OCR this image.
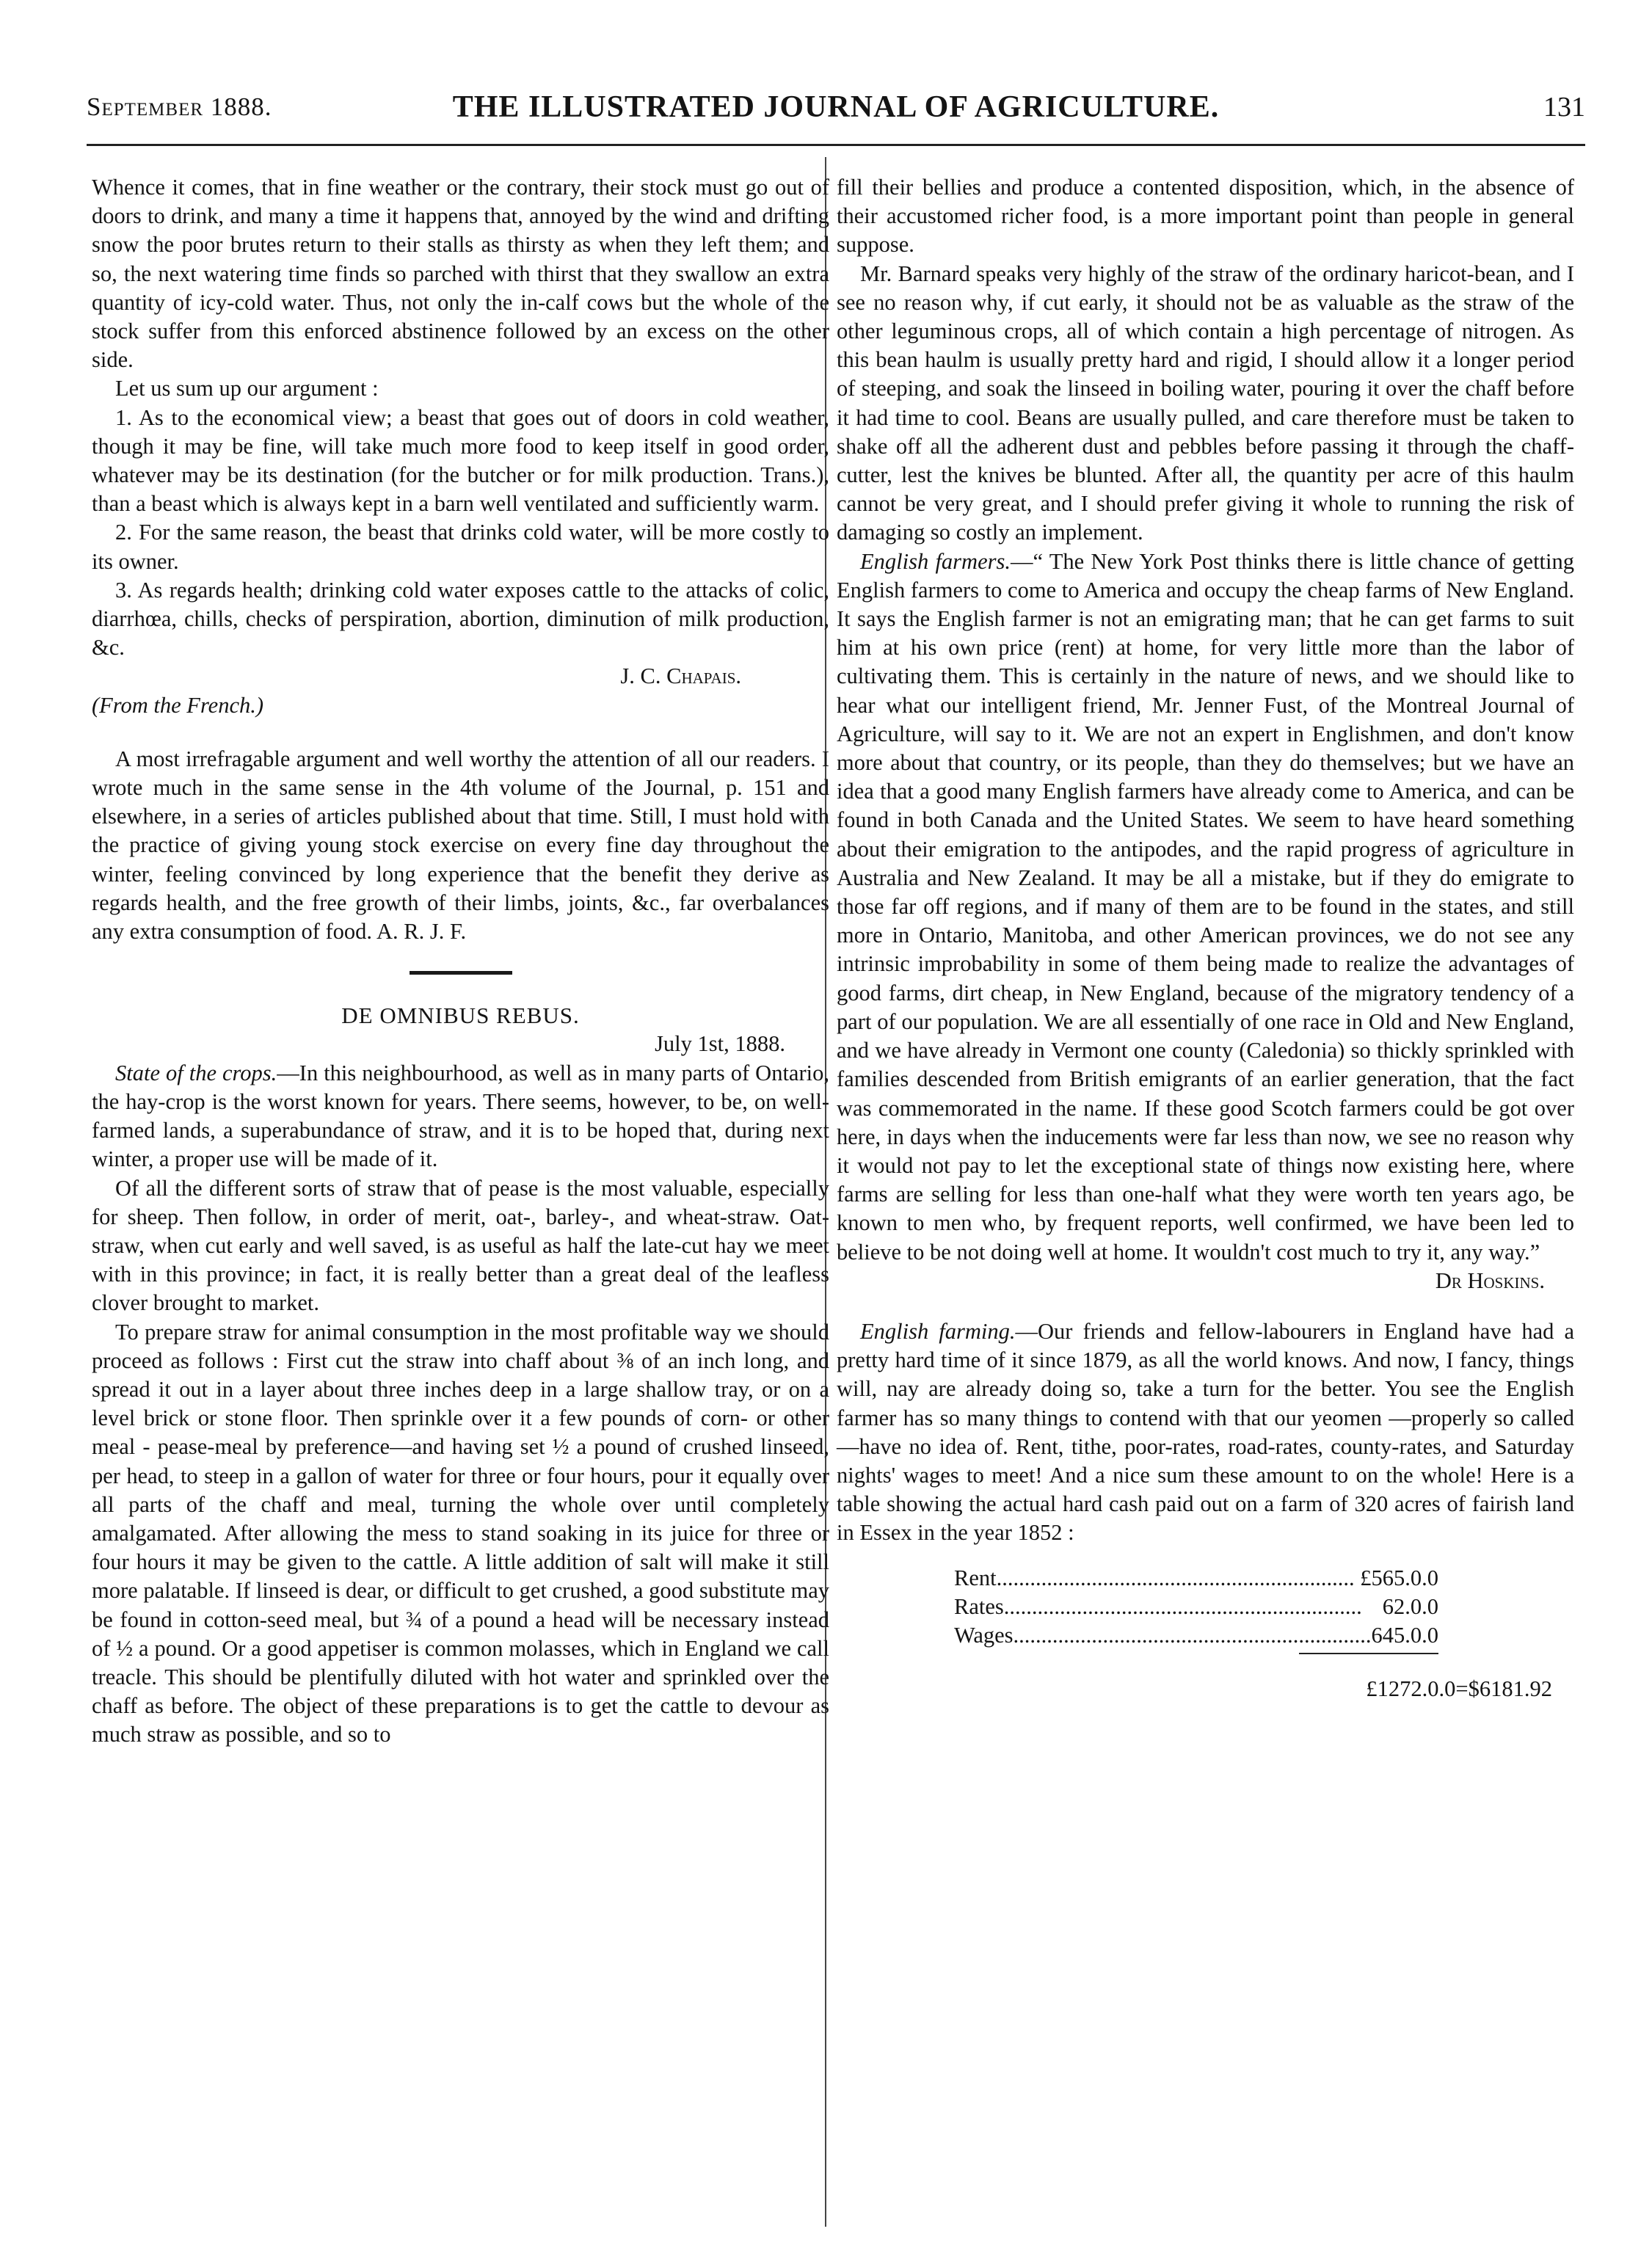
September 1888.	THE ILLUSTRATED JOURNAL OF AGRICULTURE.	131

Whence it comes, that in fine weather or the contrary, their stock must go out of doors to drink, and many a time it happens that, annoyed by the wind and drifting snow the poor brutes return to their stalls as thirsty as when they left them; and so, the next watering time finds so parched with thirst that they swallow an extra quantity of icy-cold water. Thus, not only the in-calf cows but the whole of the stock suffer from this enforced abstinence followed by an excess on the other side.

Let us sum up our argument :

1. As to the economical view; a beast that goes out of doors in cold weather, though it may be fine, will take much more food to keep itself in good order, whatever may be its destination (for the butcher or for milk production. Trans.), than a beast which is always kept in a barn well ventilated and sufficiently warm.

2. For the same reason, the beast that drinks cold water, will be more costly to its owner.

3. As regards health; drinking cold water exposes cattle to the attacks of colic, diarrhœa, chills, checks of perspiration, abortion, diminution of milk production, &c.

J. C. Chapais.
(From the French.)

A most irrefragable argument and well worthy the attention of all our readers. I wrote much in the same sense in the 4th volume of the Journal, p. 151 and elsewhere, in a series of articles published about that time. Still, I must hold with the practice of giving young stock exercise on every fine day throughout the winter, feeling convinced by long experience that the benefit they derive as regards health, and the free growth of their limbs, joints, &c., far overbalances any extra consumption of food. A. R. J. F.

DE OMNIBUS REBUS.
July 1st, 1888.

State of the crops.—In this neighbourhood, as well as in many parts of Ontario, the hay-crop is the worst known for years. There seems, however, to be, on well-farmed lands, a superabundance of straw, and it is to be hoped that, during next winter, a proper use will be made of it.

Of all the different sorts of straw that of pease is the most valuable, especially for sheep. Then follow, in order of merit, oat-, barley-, and wheat-straw. Oat-straw, when cut early and well saved, is as useful as half the late-cut hay we meet with in this province; in fact, it is really better than a great deal of the leafless clover brought to market.

To prepare straw for animal consumption in the most profitable way we should proceed as follows : First cut the straw into chaff about ⅜ of an inch long, and spread it out in a layer about three inches deep in a large shallow tray, or on a level brick or stone floor. Then sprinkle over it a few pounds of corn- or other meal - pease-meal by preference—and having set ½ a pound of crushed linseed, per head, to steep in a gallon of water for three or four hours, pour it equally over all parts of the chaff and meal, turning the whole over until completely amalgamated. After allowing the mess to stand soaking in its juice for three or four hours it may be given to the cattle. A little addition of salt will make it still more palatable. If linseed is dear, or difficult to get crushed, a good substitute may be found in cotton-seed meal, but ¾ of a pound a head will be necessary instead of ½ a pound. Or a good appetiser is common molasses, which in England we call treacle. This should be plentifully diluted with hot water and sprinkled over the chaff as before. The object of these preparations is to get the cattle to devour as much straw as possible, and so to

fill their bellies and produce a contented disposition, which, in the absence of their accustomed richer food, is a more important point than people in general suppose.

Mr. Barnard speaks very highly of the straw of the ordinary haricot-bean, and I see no reason why, if cut early, it should not be as valuable as the straw of the other leguminous crops, all of which contain a high percentage of nitrogen. As this bean haulm is usually pretty hard and rigid, I should allow it a longer period of steeping, and soak the linseed in boiling water, pouring it over the chaff before it had time to cool. Beans are usually pulled, and care therefore must be taken to shake off all the adherent dust and pebbles before passing it through the chaff-cutter, lest the knives be blunted. After all, the quantity per acre of this haulm cannot be very great, and I should prefer giving it whole to running the risk of damaging so costly an implement.

English farmers.—“ The New York Post thinks there is little chance of getting English farmers to come to America and occupy the cheap farms of New England. It says the English farmer is not an emigrating man; that he can get farms to suit him at his own price (rent) at home, for very little more than the labor of cultivating them. This is certainly in the nature of news, and we should like to hear what our intelligent friend, Mr. Jenner Fust, of the Montreal Journal of Agriculture, will say to it. We are not an expert in Englishmen, and don't know more about that country, or its people, than they do themselves; but we have an idea that a good many English farmers have already come to America, and can be found in both Canada and the United States. We seem to have heard something about their emigration to the antipodes, and the rapid progress of agriculture in Australia and New Zealand. It may be all a mistake, but if they do emigrate to those far off regions, and if many of them are to be found in the states, and still more in Ontario, Manitoba, and other American provinces, we do not see any intrinsic improbability in some of them being made to realize the advantages of good farms, dirt cheap, in New England, because of the migratory tendency of a part of our population. We are all essentially of one race in Old and New England, and we have already in Vermont one county (Caledonia) so thickly sprinkled with families descended from British emigrants of an earlier generation, that the fact was commemorated in the name. If these good Scotch farmers could be got over here, in days when the inducements were far less than now, we see no reason why it would not pay to let the exceptional state of things now existing here, where farms are selling for less than one-half what they were worth ten years ago, be known to men who, by frequent reports, well confirmed, we have been led to believe to be not doing well at home. It wouldn't cost much to try it, any way.”

Dr Hoskins.

English farming.—Our friends and fellow-labourers in England have had a pretty hard time of it since 1879, as all the world knows. And now, I fancy, things will, nay are already doing so, take a turn for the better. You see the English farmer has so many things to contend with that our yeomen —properly so called—have no idea of. Rent, tithe, poor-rates, road-rates, county-rates, and Saturday nights' wages to meet! And a nice sum these amount to on the whole! Here is a table showing the actual hard cash paid out on a farm of 320 acres of fairish land in Essex in the year 1852 :

Rent................................................................ £565.0.0
Rates................................................................ 62.0.0
Wages................................................................ 645.0.0
£1272.0.0=$6181.92
